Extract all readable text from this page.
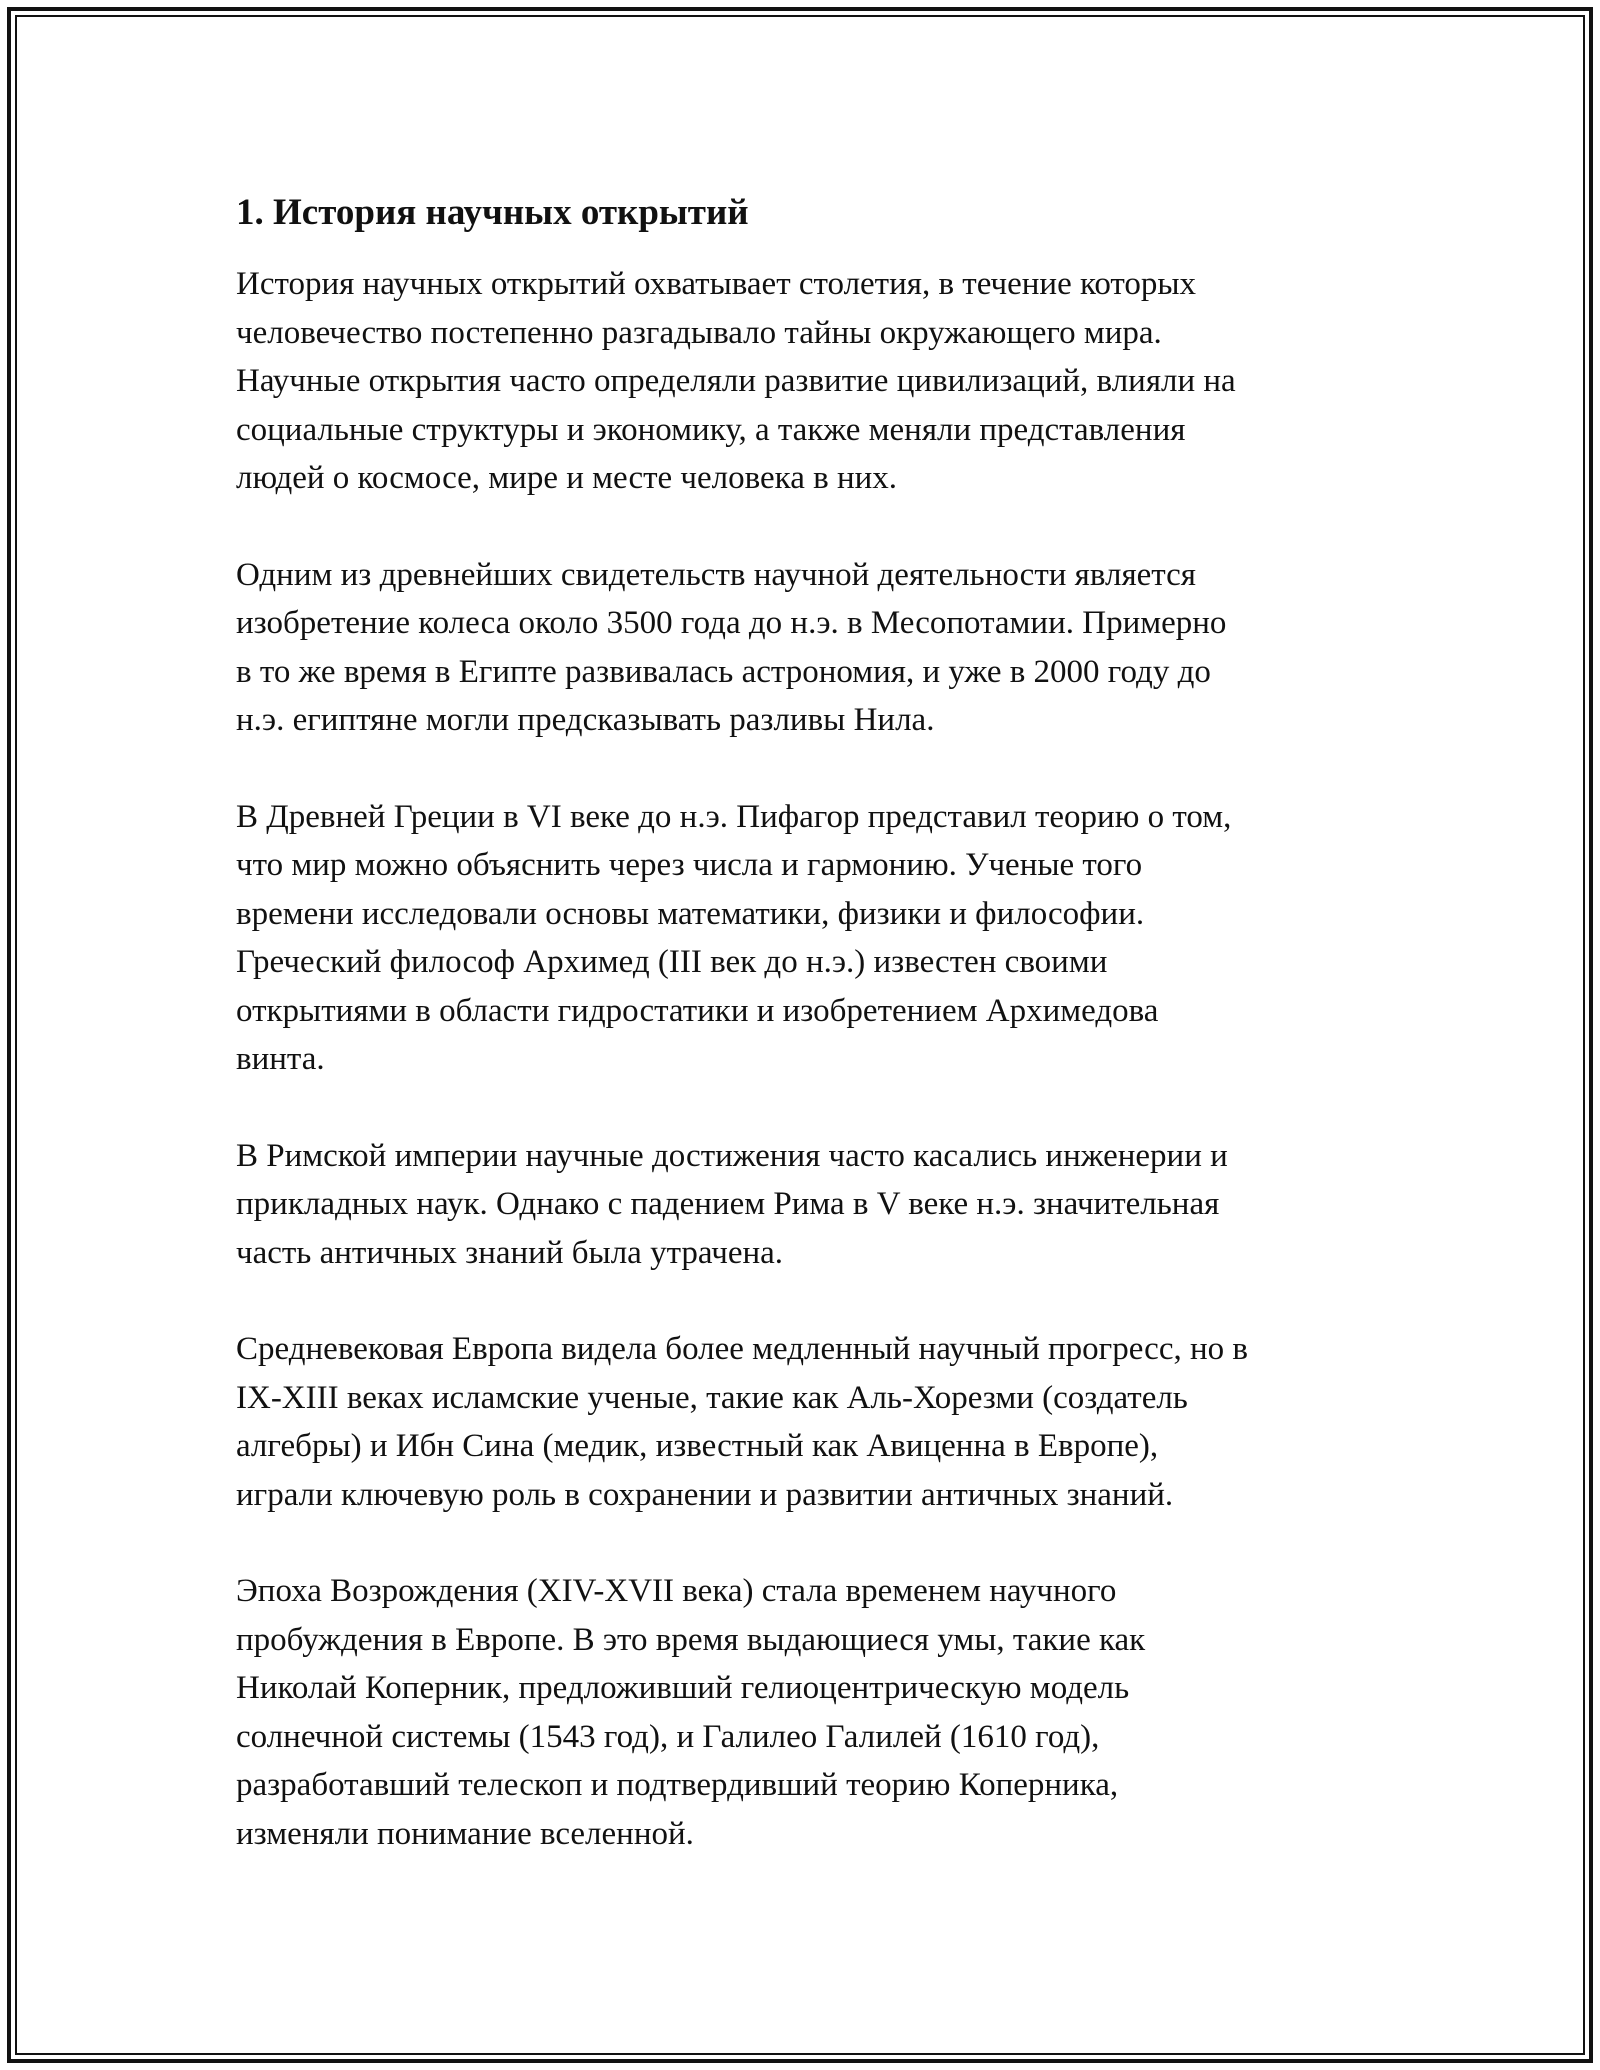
1. История научных открытий

История научных открытий охватывает столетия, в течение которых
человечество постепенно разгадывало тайны окружающего мира.
Научные открытия часто определяли развитие цивилизаций, влияли на
социальные структуры и экономику, а также меняли представления
людей о космосе, мире и месте человека в них.

Одним из древнейших свидетельств научной деятельности является
изобретение колеса около 3500 года до н.э. в Месопотамии. Примерно
в то же время в Египте развивалась астрономия, и уже в 2000 году до
н.э. египтяне могли предсказывать разливы Нила.

В Древней Греции в VI веке до н.э. Пифагор представил теорию о том,
что мир можно объяснить через числа и гармонию. Ученые того
времени исследовали основы математики, физики и философии.
Греческий философ Архимед (III век до н.э.) известен своими
открытиями в области гидростатики и изобретением Архимедова
винта.

В Римской империи научные достижения часто касались инженерии и
прикладных наук. Однако с падением Рима в V веке н.э. значительная
часть античных знаний была утрачена.

Средневековая Европа видела более медленный научный прогресс, но в
IX-XIII веках исламские ученые, такие как Аль-Хорезми (создатель
алгебры) и Ибн Сина (медик, известный как Авиценна в Европе),
играли ключевую роль в сохранении и развитии античных знаний.

Эпоха Возрождения (XIV-XVII века) стала временем научного
пробуждения в Европе. В это время выдающиеся умы, такие как
Николай Коперник, предложивший гелиоцентрическую модель
солнечной системы (1543 год), и Галилео Галилей (1610 год),
разработавший телескоп и подтвердивший теорию Коперника,
изменяли понимание вселенной.
